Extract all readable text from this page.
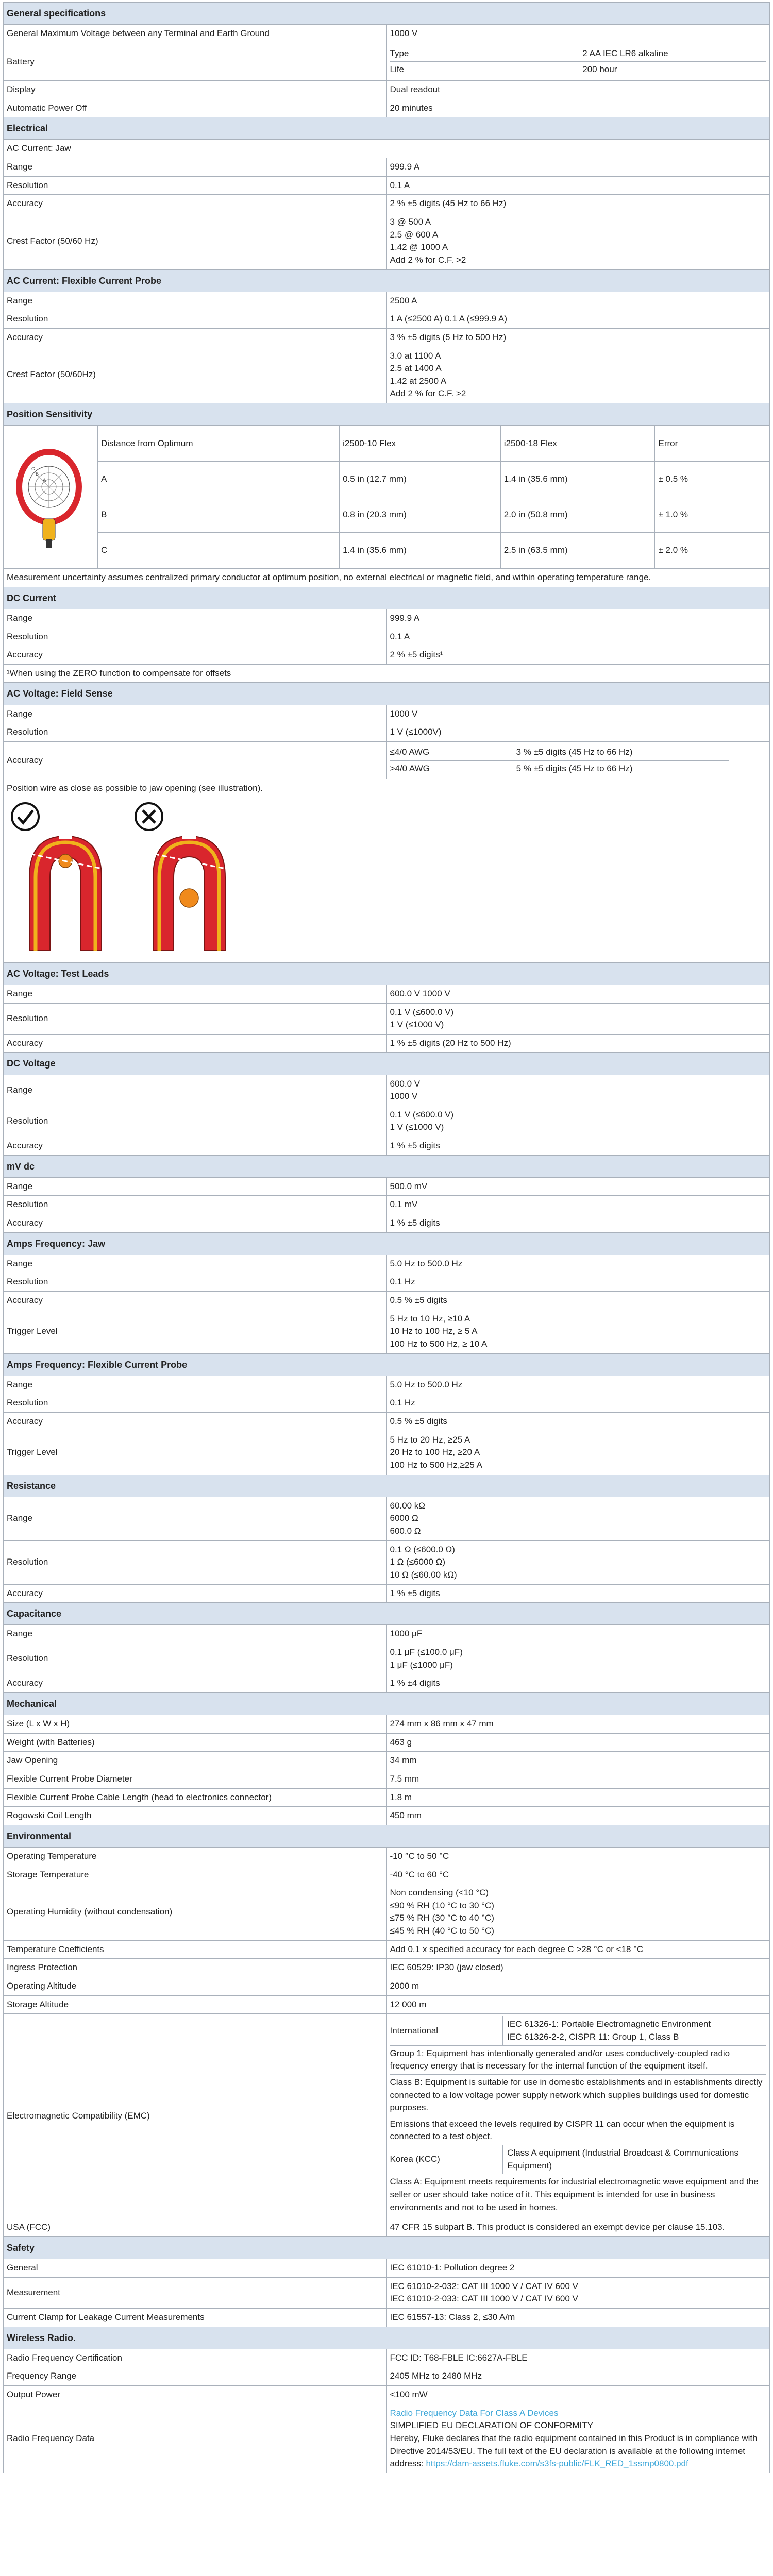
General specifications
General Maximum Voltage between any Terminal and Earth Ground	1000 V
Battery	
Type	2 AA IEC LR6 alkaline
Life	200 hour

Display	Dual readout
Automatic Power Off	20 minutes
Electrical
AC Current: Jaw
Range	999.9 A
Resolution	0.1 A
Accuracy	2 % ±5 digits (45 Hz to 66 Hz)
Crest Factor (50/60 Hz)	
3 @ 500 A
2.5 @ 600 A
1.42 @ 1000 A
Add 2 % for C.F. >2

AC Current: Flexible Current Probe
Range	2500 A
Resolution	1 A (≤2500 A) 0.1 A (≤999.9 A)
Accuracy	3 % ±5 digits (5 Hz to 500 Hz)
Crest Factor (50/60Hz)	
3.0 at 1100 A
2.5 at 1400 A
1.42 at 2500 A
Add 2 % for C.F. >2

Position Sensitivity

A
B
C
Distance from Optimum	i2500-10 Flex	i2500-18 Flex	Error
A	0.5 in (12.7 mm)	1.4 in (35.6 mm)	± 0.5 %
B	0.8 in (20.3 mm)	2.0 in (50.8 mm)	± 1.0 %
C	1.4 in (35.6 mm)	2.5 in (63.5 mm)	± 2.0 %

Measurement uncertainty assumes centralized primary conductor at optimum position, no external electrical or magnetic field, and within operating temperature range.
DC Current
Range	999.9 A
Resolution	0.1 A
Accuracy	2 % ±5 digits¹
¹When using the ZERO function to compensate for offsets
AC Voltage: Field Sense
Range	1000 V
Resolution	1 V (≤1000V)
Accuracy	
≤4/0 AWG	3 % ±5 digits (45 Hz to 66 Hz)
>4/0 AWG	5 % ±5 digits (45 Hz to 66 Hz)

Position wire as close as possible to jaw opening (see illustration).

AC Voltage: Test Leads
Range	600.0 V 1000 V
Resolution	
0.1 V (≤600.0 V)
1 V (≤1000 V)

Accuracy	1 % ±5 digits (20 Hz to 500 Hz)
DC Voltage
Range	
600.0 V
1000 V

Resolution	
0.1 V (≤600.0 V)
1 V (≤1000 V)

Accuracy	1 % ±5 digits
mV dc
Range	500.0 mV
Resolution	0.1 mV
Accuracy	1 % ±5 digits
Amps Frequency: Jaw
Range	5.0 Hz to 500.0 Hz
Resolution	0.1 Hz
Accuracy	0.5 % ±5 digits
Trigger Level	
5 Hz to 10 Hz, ≥10 A
10 Hz to 100 Hz, ≥ 5 A
100 Hz to 500 Hz, ≥ 10 A

Amps Frequency: Flexible Current Probe
Range	5.0 Hz to 500.0 Hz
Resolution	0.1 Hz
Accuracy	0.5 % ±5 digits
Trigger Level	
5 Hz to 20 Hz, ≥25 A
20 Hz to 100 Hz, ≥20 A
100 Hz to 500 Hz,≥25 A

Resistance
Range	
60.00 kΩ
6000 Ω
600.0 Ω

Resolution	
0.1 Ω (≤600.0 Ω)
1 Ω (≤6000 Ω)
10 Ω (≤60.00 kΩ)

Accuracy	1 % ±5 digits
Capacitance
Range	1000 μF
Resolution	
0.1 μF (≤100.0 μF)
1 μF (≤1000 μF)

Accuracy	1 % ±4 digits
Mechanical
Size (L x W x H)	274 mm x 86 mm x 47 mm
Weight (with Batteries)	463 g
Jaw Opening	34 mm
Flexible Current Probe Diameter	7.5 mm
Flexible Current Probe Cable Length (head to electronics connector)	1.8 m
Rogowski Coil Length	450 mm
Environmental
Operating Temperature	-10 °C to 50 °C
Storage Temperature	-40 °C to 60 °C
Operating Humidity (without condensation)	
Non condensing (<10 °C)
≤90 % RH (10 °C to 30 °C)
≤75 % RH (30 °C to 40 °C)
≤45 % RH (40 °C to 50 °C)

Temperature Coefficients	Add 0.1 x specified accuracy for each degree C >28 °C or <18 °C
Ingress Protection	IEC 60529: IP30 (jaw closed)
Operating Altitude	2000 m
Storage Altitude	12 000 m
Electromagnetic Compatibility (EMC)	
International	
IEC 61326-1: Portable Electromagnetic Environment
IEC 61326-2-2, CISPR 11: Group 1, Class B

Group 1: Equipment has intentionally generated and/or uses conductively-coupled radio frequency energy that is necessary for the internal function of the equipment itself.
Class B: Equipment is suitable for use in domestic establishments and in establishments directly connected to a low voltage power supply network which supplies buildings used for domestic purposes.
Emissions that exceed the levels required by CISPR 11 can occur when the equipment is connected to a test object.
Korea (KCC)	Class A equipment (Industrial Broadcast & Communications Equipment)
Class A: Equipment meets requirements for industrial electromagnetic wave equipment and the seller or user should take notice of it. This equipment is intended for use in business environments and not to be used in homes.

USA (FCC)	47 CFR 15 subpart B. This product is considered an exempt device per clause 15.103.
Safety
General	IEC 61010-1: Pollution degree 2
Measurement	
IEC 61010-2-032: CAT III 1000 V / CAT IV 600 V
IEC 61010-2-033: CAT III 1000 V / CAT IV 600 V

Current Clamp for Leakage Current Measurements	IEC 61557-13: Class 2, ≤30 A/m
Wireless Radio.
Radio Frequency Certification	FCC ID: T68-FBLE IC:6627A-FBLE
Frequency Range	2405 MHz to 2480 MHz
Output Power	<100 mW
Radio Frequency Data	
Radio Frequency Data For Class A Devices
SIMPLIFIED EU DECLARATION OF CONFORMITY
Hereby, Fluke declares that the radio equipment contained in this Product is in compliance with Directive 2014/53/EU. The full text of the EU declaration is available at the following internet address: https://dam-assets.fluke.com/s3fs-public/FLK_RED_1ssmp0800.pdf
